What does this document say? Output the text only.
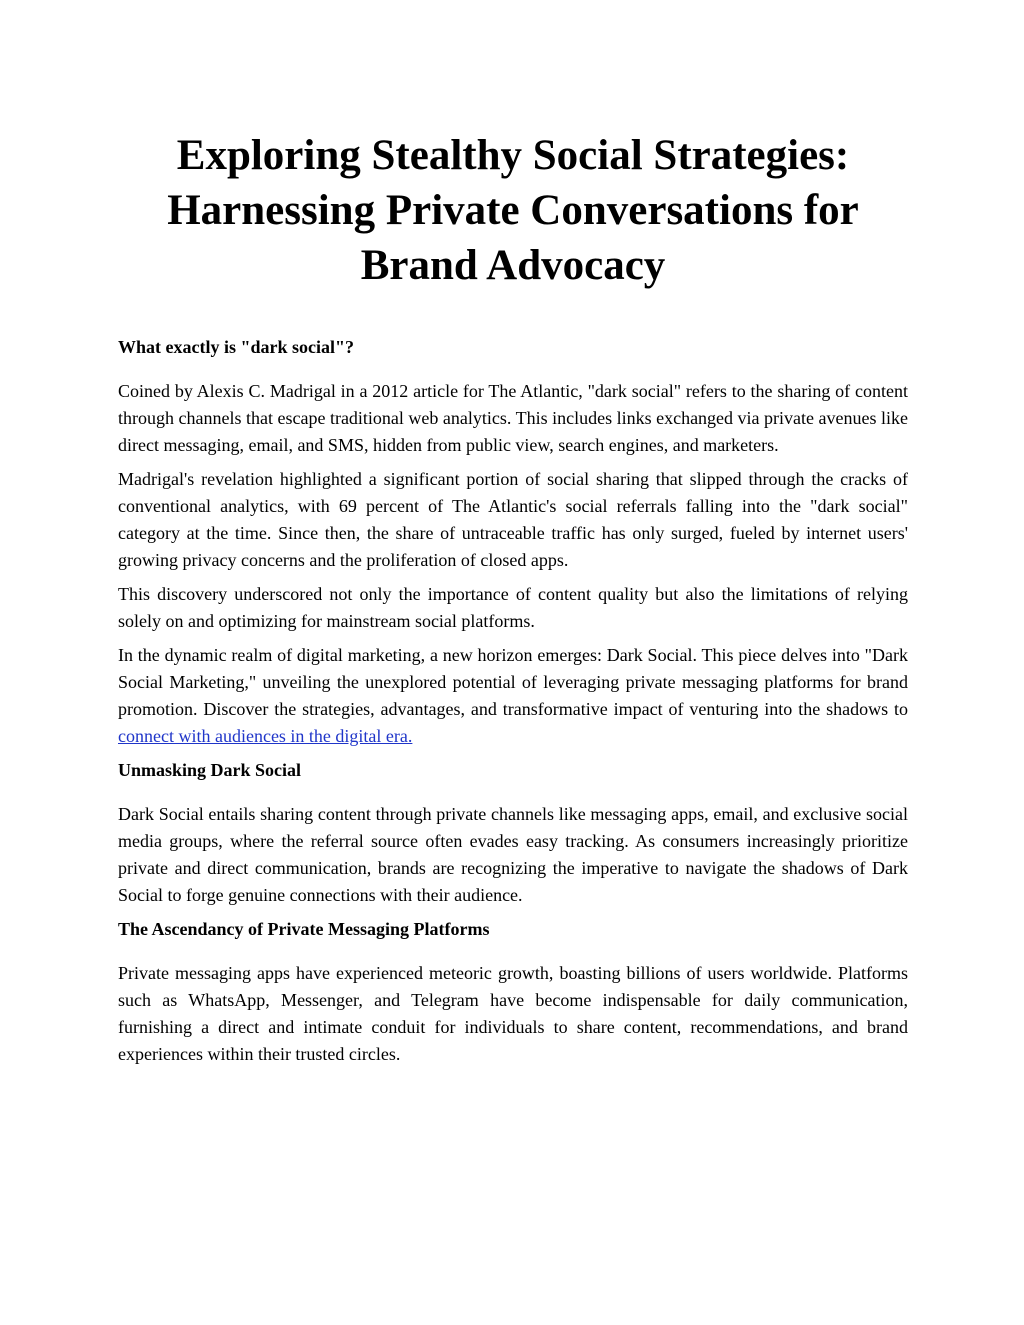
Exploring Stealthy Social Strategies:
Harnessing Private Conversations for
Brand Advocacy
What exactly is "dark social"?

Coined by Alexis C. Madrigal in a 2012 article for The Atlantic, "dark social" refers to the sharing of content through channels that escape traditional web analytics. This includes links exchanged via private avenues like direct messaging, email, and SMS, hidden from public view, search engines, and marketers.

Madrigal's revelation highlighted a significant portion of social sharing that slipped through the cracks of conventional analytics, with 69 percent of The Atlantic's social referrals falling into the "dark social" category at the time. Since then, the share of untraceable traffic has only surged, fueled by internet users' growing privacy concerns and the proliferation of closed apps.

This discovery underscored not only the importance of content quality but also the limitations of relying solely on and optimizing for mainstream social platforms.

In the dynamic realm of digital marketing, a new horizon emerges: Dark Social. This piece delves into "Dark Social Marketing," unveiling the unexplored potential of leveraging private messaging platforms for brand promotion. Discover the strategies, advantages, and transformative impact of venturing into the shadows to connect with audiences in the digital era.

Unmasking Dark Social

Dark Social entails sharing content through private channels like messaging apps, email, and exclusive social media groups, where the referral source often evades easy tracking. As consumers increasingly prioritize private and direct communication, brands are recognizing the imperative to navigate the shadows of Dark Social to forge genuine connections with their audience.

The Ascendancy of Private Messaging Platforms

Private messaging apps have experienced meteoric growth, boasting billions of users worldwide. Platforms such as WhatsApp, Messenger, and Telegram have become indispensable for daily communication, furnishing a direct and intimate conduit for individuals to share content, recommendations, and brand experiences within their trusted circles.
